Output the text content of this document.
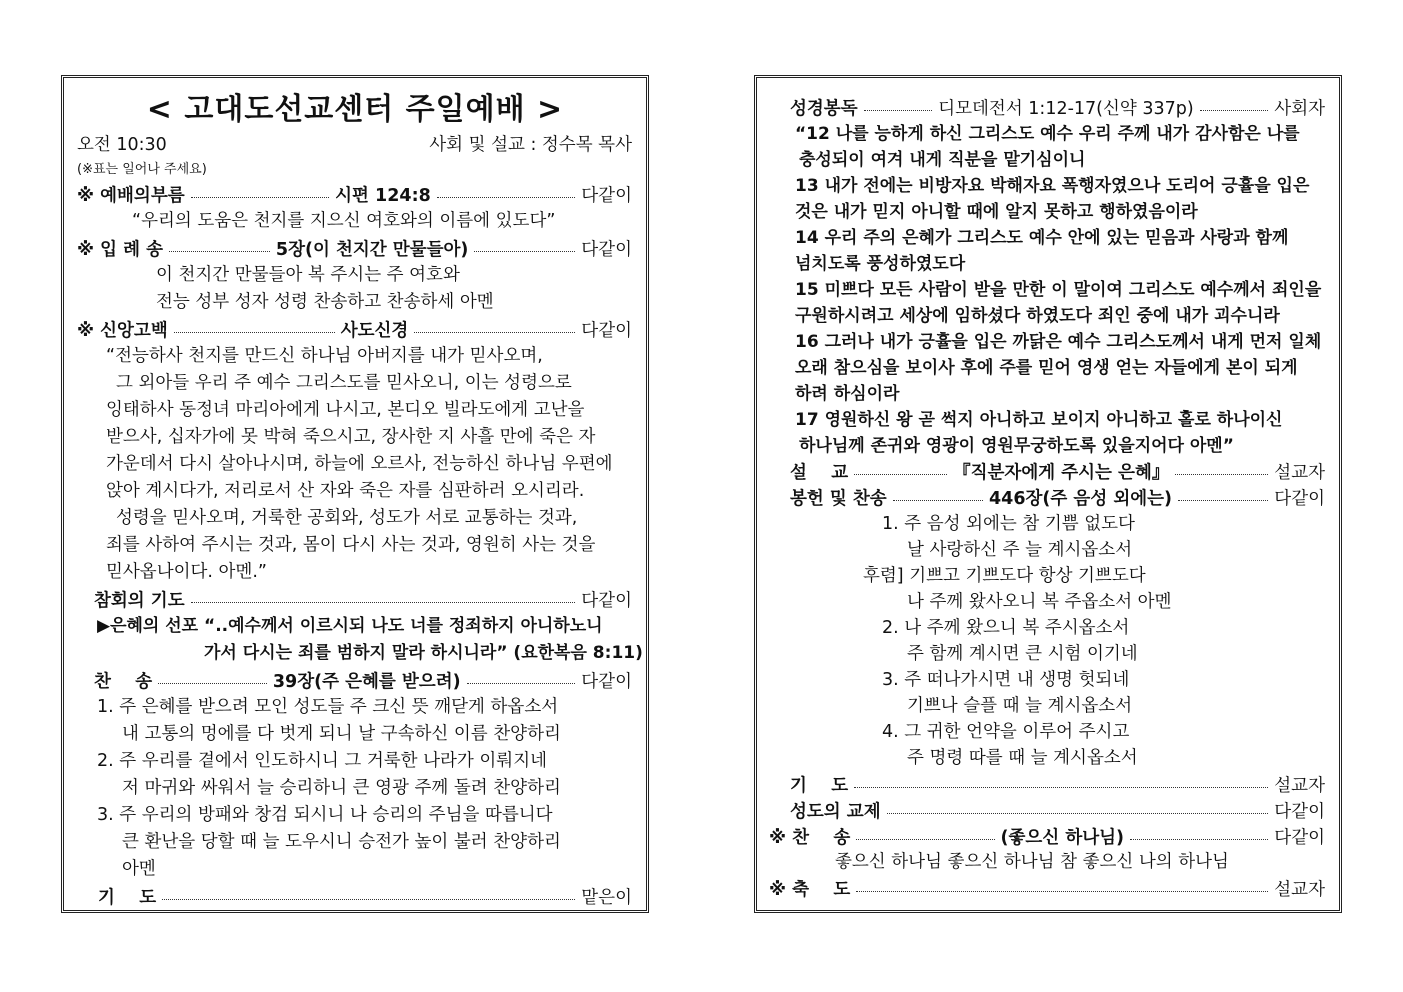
< 고대도선교센터 주일예배 >
오전 10:30	사회 및 설교 : 정수목 목사
(※표는 일어나 주세요)
※ 예배의부름	시편 124:8	다같이
“우리의 도움은 천지를 지으신 여호와의 이름에 있도다”
※ 입 례 송	5장(이 천지간 만물들아)	다같이
이 천지간 만물들아 복 주시는 주 여호와
전능 성부 성자 성령 찬송하고 찬송하세 아멘
※ 신앙고백	사도신경	다같이
“전능하사 천지를 만드신 하나님 아버지를 내가 믿사오며,
그 외아들 우리 주 예수 그리스도를 믿사오니, 이는 성령으로
잉태하사 동정녀 마리아에게 나시고, 본디오 빌라도에게 고난을
받으사, 십자가에 못 박혀 죽으시고, 장사한 지 사흘 만에 죽은 자
가운데서 다시 살아나시며, 하늘에 오르사, 전능하신 하나님 우편에
앉아 계시다가, 저리로서 산 자와 죽은 자를 심판하러 오시리라.
성령을 믿사오며, 거룩한 공회와, 성도가 서로 교통하는 것과,
죄를 사하여 주시는 것과, 몸이 다시 사는 것과, 영원히 사는 것을
믿사옵나이다. 아멘.”
참회의 기도	다같이
▶은혜의 선포 “..예수께서 이르시되 나도 너를 정죄하지 아니하노니
가서 다시는 죄를 범하지 말라 하시니라” (요한복음 8:11)
찬    송	39장(주 은혜를 받으려)	다같이
1. 주 은혜를 받으려 모인 성도들 주 크신 뜻 깨닫게 하옵소서
내 고통의 멍에를 다 벗게 되니 날 구속하신 이름 찬양하리
2. 주 우리를 곁에서 인도하시니 그 거룩한 나라가 이뤄지네
저 마귀와 싸워서 늘 승리하니 큰 영광 주께 돌려 찬양하리
3. 주 우리의 방패와 창검 되시니 나 승리의 주님을 따릅니다
큰 환난을 당할 때 늘 도우시니 승전가 높이 불러 찬양하리
아멘
기    도	맡은이
성경봉독	디모데전서 1:12-17(신약 337p)	사회자
“12 나를 능하게 하신 그리스도 예수 우리 주께 내가 감사함은 나를
충성되이 여겨 내게 직분을 맡기심이니
13 내가 전에는 비방자요 박해자요 폭행자였으나 도리어 긍휼을 입은
것은 내가 믿지 아니할 때에 알지 못하고 행하였음이라
14 우리 주의 은혜가 그리스도 예수 안에 있는 믿음과 사랑과 함께
넘치도록 풍성하였도다
15 미쁘다 모든 사람이 받을 만한 이 말이여 그리스도 예수께서 죄인을
구원하시려고 세상에 임하셨다 하였도다 죄인 중에 내가 괴수니라
16 그러나 내가 긍휼을 입은 까닭은 예수 그리스도께서 내게 먼저 일체
오래 참으심을 보이사 후에 주를 믿어 영생 얻는 자들에게 본이 되게
하려 하심이라
17 영원하신 왕 곧 썩지 아니하고 보이지 아니하고 홀로 하나이신
하나님께 존귀와 영광이 영원무궁하도록 있을지어다 아멘”
설    교	『직분자에게 주시는 은혜』	설교자
봉헌 및 찬송	446장(주 음성 외에는)	다같이
1. 주 음성 외에는 참 기쁨 없도다
날 사랑하신 주 늘 계시옵소서
후렴] 기쁘고 기쁘도다 항상 기쁘도다
나 주께 왔사오니 복 주옵소서 아멘
2. 나 주께 왔으니 복 주시옵소서
주 함께 계시면 큰 시험 이기네
3. 주 떠나가시면 내 생명 헛되네
기쁘나 슬플 때 늘 계시옵소서
4. 그 귀한 언약을 이루어 주시고
주 명령 따를 때 늘 계시옵소서
기    도	설교자
성도의 교제	다같이
※ 찬    송	(좋으신 하나님)	다같이
좋으신 하나님 좋으신 하나님 참 좋으신 나의 하나님
※ 축    도	설교자
